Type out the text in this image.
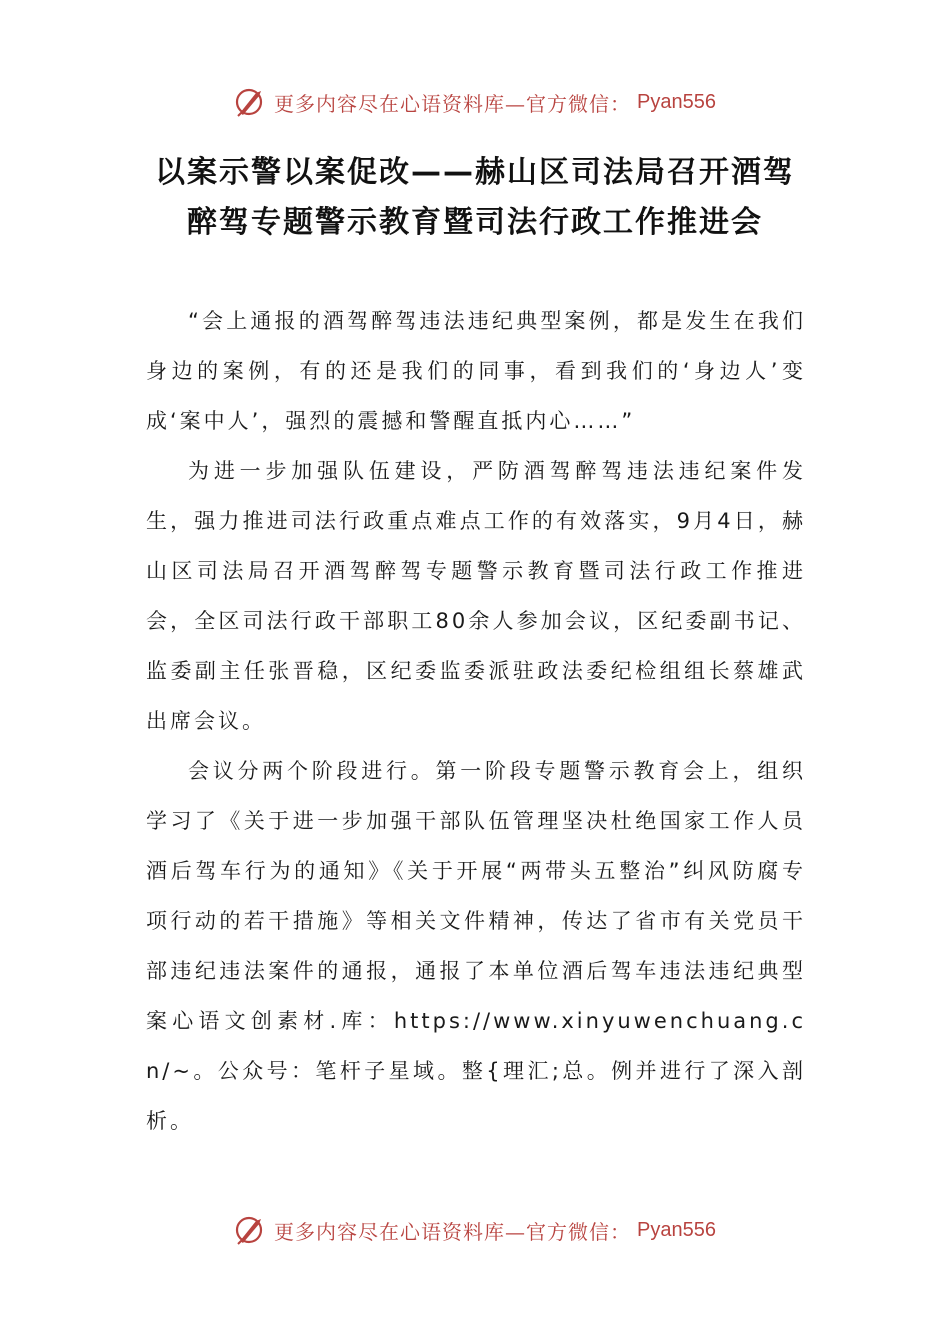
更多内容尽在心语资料库—官方微信： Pyan556
以案示警以案促改——赫山区司法局召开酒驾醉驾专题警示教育暨司法行政工作推进会

“会上通报的酒驾醉驾违法违纪典型案例，都是发生在我们身边的案例，有的还是我们的同事，看到我们的‘身边人’变成‘案中人’，强烈的震撼和警醒直抵内心……”

为进一步加强队伍建设，严防酒驾醉驾违法违纪案件发生，强力推进司法行政重点难点工作的有效落实，9月4日，赫山区司法局召开酒驾醉驾专题警示教育暨司法行政工作推进会，全区司法行政干部职工80余人参加会议，区纪委副书记、监委副主任张晋稳，区纪委监委派驻政法委纪检组组长蔡雄武出席会议。

会议分两个阶段进行。第一阶段专题警示教育会上，组织学习了《关于进一步加强干部队伍管理坚决杜绝国家工作人员酒后驾车行为的通知》《关于开展“两带头五整治”纠风防腐专项行动的若干措施》等相关文件精神，传达了省市有关党员干部违纪违法案件的通报，通报了本单位酒后驾车违法违纪典型案心语文创素材.库：https://www.xinyuwenchuang.cn/~。公众号：笔杆子星域。整{理汇;总。例并进行了深入剖析。

更多内容尽在心语资料库—官方微信： Pyan556
